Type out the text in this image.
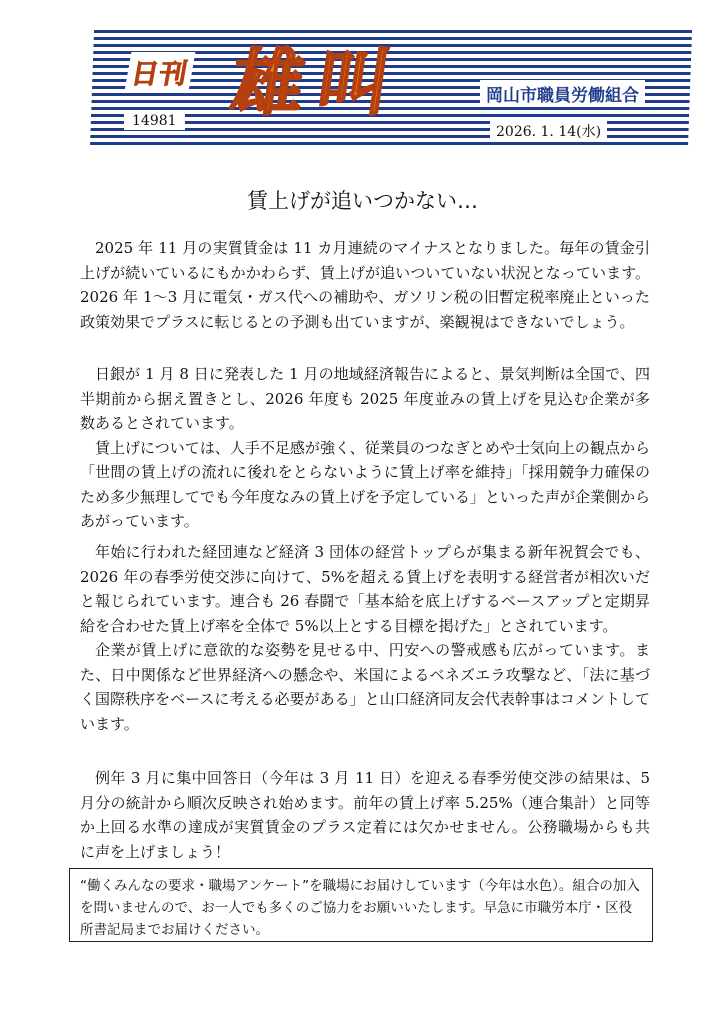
日刊 雄叫	岡山市職員労働組合
14981
2026. 1. 14(水)
賃上げが追いつかない…

2025 年 11 月の実質賃金は 11 カ月連続のマイナスとなりました。毎年の賃金引上げが続いているにもかかわらず、賃上げが追いついていない状況となっています。2026 年 1～3 月に電気・ガス代への補助や、ガソリン税の旧暫定税率廃止といった政策効果でプラスに転じるとの予測も出ていますが、楽観視はできないでしょう。

日銀が 1 月 8 日に発表した 1 月の地域経済報告によると、景気判断は全国で、四半期前から据え置きとし、2026 年度も 2025 年度並みの賃上げを見込む企業が多数あるとされています。
賃上げについては、人手不足感が強く、従業員のつなぎとめや士気向上の観点から「世間の賃上げの流れに後れをとらないように賃上げ率を維持」「採用競争力確保のため多少無理してでも今年度なみの賃上げを予定している」といった声が企業側からあがっています。

年始に行われた経団連など経済 3 団体の経営トップらが集まる新年祝賀会でも、2026 年の春季労使交渉に向けて、5%を超える賃上げを表明する経営者が相次いだと報じられています。連合も 26 春闘で「基本給を底上げするベースアップと定期昇給を合わせた賃上げ率を全体で 5%以上とする目標を掲げた」とされています。
企業が賃上げに意欲的な姿勢を見せる中、円安への警戒感も広がっています。また、日中関係など世界経済への懸念や、米国によるベネズエラ攻撃など、「法に基づく国際秩序をベースに考える必要がある」と山口経済同友会代表幹事はコメントしています。

例年 3 月に集中回答日（今年は 3 月 11 日）を迎える春季労使交渉の結果は、5 月分の統計から順次反映され始めます。前年の賃上げ率 5.25%（連合集計）と同等か上回る水準の達成が実質賃金のプラス定着には欠かせません。公務職場からも共に声を上げましょう！

“働くみんなの要求・職場アンケート”を職場にお届けしています（今年は水色）。組合の加入を問いませんので、お一人でも多くのご協力をお願いいたします。早急に市職労本庁・区役所書記局までお届けください。
